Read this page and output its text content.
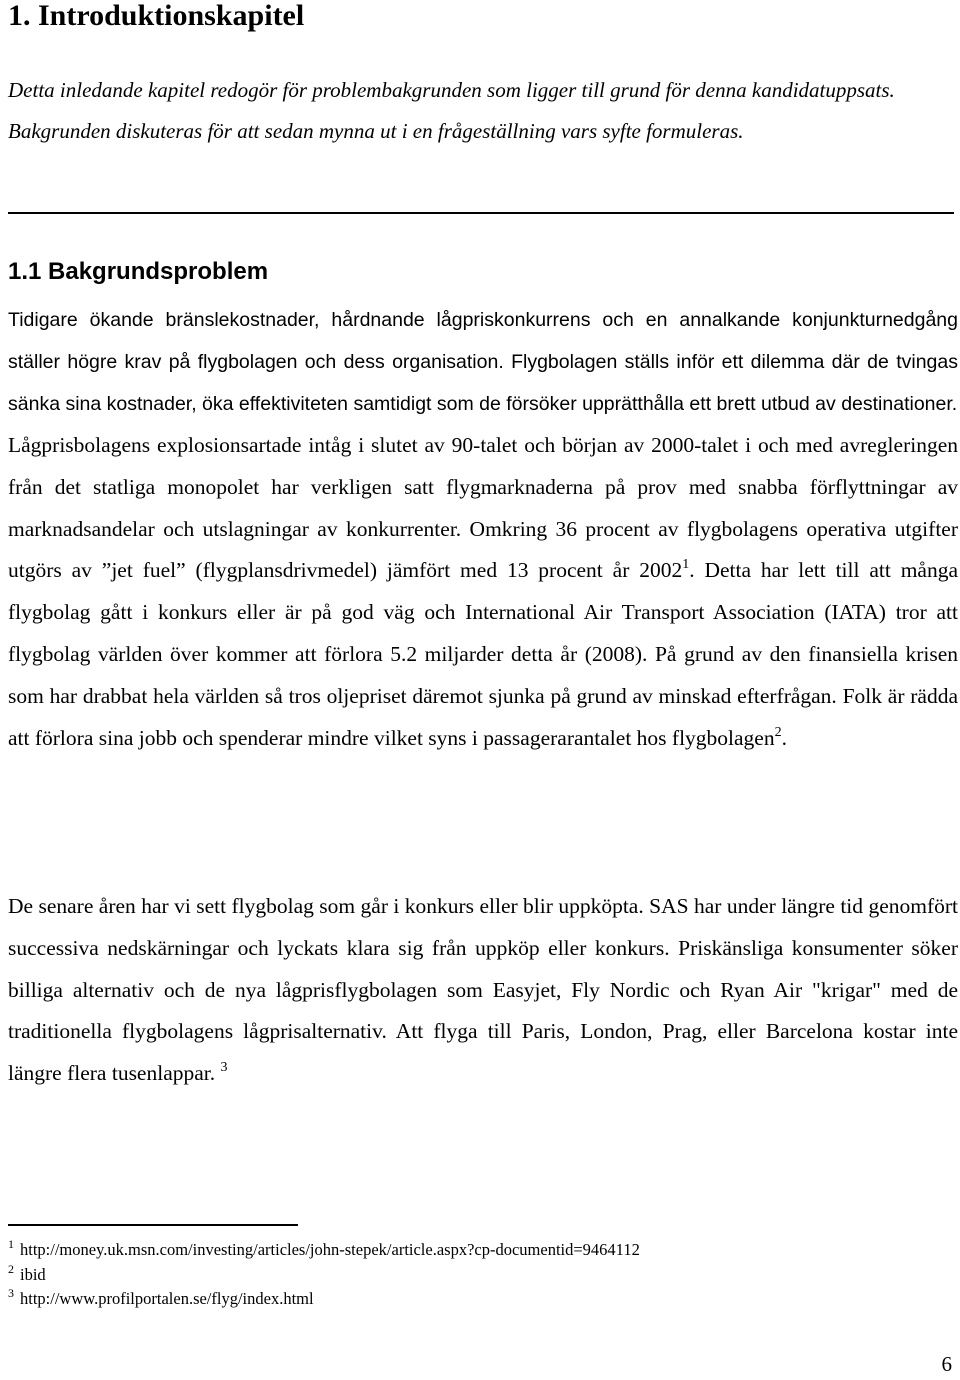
1. Introduktionskapitel

Detta inledande kapitel redogör för problembakgrunden som ligger till grund för denna kandidatuppsats. Bakgrunden diskuteras för att sedan mynna ut i en frågeställning vars syfte formuleras.

1.1 Bakgrundsproblem

Tidigare ökande bränslekostnader, hårdnande lågpriskonkurrens och en annalkande konjunkturnedgång ställer högre krav på flygbolagen och dess organisation. Flygbolagen ställs inför ett dilemma där de tvingas sänka sina kostnader, öka effektiviteten samtidigt som de försöker upprätthålla ett brett utbud av destinationer.

Lågprisbolagens explosionsartade intåg i slutet av 90-talet och början av 2000-talet i och med avregleringen från det statliga monopolet har verkligen satt flygmarknaderna på prov med snabba förflyttningar av marknadsandelar och utslagningar av konkurrenter. Omkring 36 procent av flygbolagens operativa utgifter utgörs av ”jet fuel” (flygplansdrivmedel) jämfört med 13 procent år 2002$^1$. Detta har lett till att många flygbolag gått i konkurs eller är på god väg och International Air Transport Association (IATA) tror att flygbolag världen över kommer att förlora 5.2 miljarder detta år (2008). På grund av den finansiella krisen som har drabbat hela världen så tros oljepriset däremot sjunka på grund av minskad efterfrågan. Folk är rädda att förlora sina jobb och spenderar mindre vilket syns i passagerarantalet hos flygbolagen$^2$.

De senare åren har vi sett flygbolag som går i konkurs eller blir uppköpta. SAS har under längre tid genomfört successiva nedskärningar och lyckats klara sig från uppköp eller konkurs. Priskänsliga konsumenter söker billiga alternativ och de nya lågprisflygbolagen som Easyjet, Fly Nordic och Ryan Air "krigar" med de traditionella flygbolagens lågprisalternativ. Att flyga till Paris, London, Prag, eller Barcelona kostar inte längre flera tusenlappar. $^3$

$^1$ http://money.uk.msn.com/investing/articles/john-stepek/article.aspx?cp-documentid=9464112
$^2$ ibid
$^3$ http://www.profilportalen.se/flyg/index.html
6
